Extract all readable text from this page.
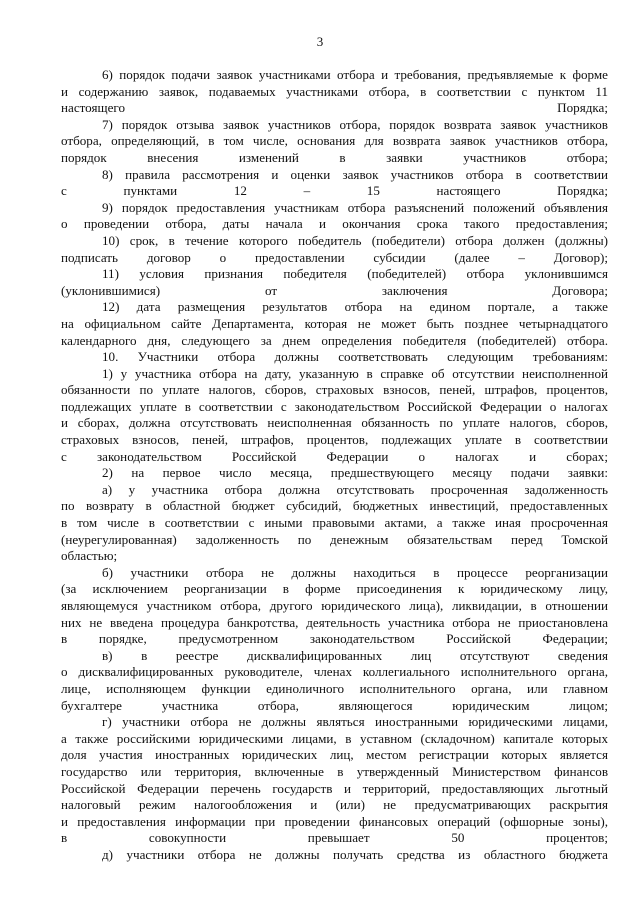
3

6) порядок подачи заявок участниками отбора и требования, предъявляемые к форме
и содержанию заявок, подаваемых участниками отбора, в соответствии с пунктом 11
настоящего Порядка;

7) порядок отзыва заявок участников отбора, порядок возврата заявок участников
отбора, определяющий, в том числе, основания для возврата заявок участников отбора,
порядок внесения изменений в заявки участников отбора;

8) правила рассмотрения и оценки заявок участников отбора в соответствии
с пунктами 12 – 15 настоящего Порядка;

9) порядок предоставления участникам отбора разъяснений положений объявления
о проведении отбора, даты начала и окончания срока такого предоставления;

10) срок, в течение которого победитель (победители) отбора должен (должны)
подписать договор о предоставлении субсидии (далее – Договор);

11) условия признания победителя (победителей) отбора уклонившимся
(уклонившимися) от заключения Договора;

12) дата размещения результатов отбора на едином портале, а также
на официальном сайте Департамента, которая не может быть позднее четырнадцатого
календарного дня, следующего за днем определения победителя (победителей) отбора.

10. Участники отбора должны соответствовать следующим требованиям:

1) у участника отбора на дату, указанную в справке об отсутствии неисполненной
обязанности по уплате налогов, сборов, страховых взносов, пеней, штрафов, процентов,
подлежащих уплате в соответствии с законодательством Российской Федерации о налогах
и сборах, должна отсутствовать неисполненная обязанность по уплате налогов, сборов,
страховых взносов, пеней, штрафов, процентов, подлежащих уплате в соответствии
с законодательством Российской Федерации о налогах и сборах;

2) на первое число месяца, предшествующего месяцу подачи заявки:

а) у участника отбора должна отсутствовать просроченная задолженность
по возврату в областной бюджет субсидий, бюджетных инвестиций, предоставленных
в том числе в соответствии с иными правовыми актами, а также иная просроченная
(неурегулированная) задолженность по денежным обязательствам перед Томской
областью;

б) участники отбора не должны находиться в процессе реорганизации
(за исключением реорганизации в форме присоединения к юридическому лицу,
являющемуся участником отбора, другого юридического лица), ликвидации, в отношении
них не введена процедура банкротства, деятельность участника отбора не приостановлена
в порядке, предусмотренном законодательством Российской Федерации;

в) в реестре дисквалифицированных лиц отсутствуют сведения
о дисквалифицированных руководителе, членах коллегиального исполнительного органа,
лице, исполняющем функции единоличного исполнительного органа, или главном
бухгалтере участника отбора, являющегося юридическим лицом;

г) участники отбора не должны являться иностранными юридическими лицами,
а также российскими юридическими лицами, в уставном (складочном) капитале которых
доля участия иностранных юридических лиц, местом регистрации которых является
государство или территория, включенные в утвержденный Министерством финансов
Российской Федерации перечень государств и территорий, предоставляющих льготный
налоговый режим налогообложения и (или) не предусматривающих раскрытия
и предоставления информации при проведении финансовых операций (офшорные зоны),
в совокупности превышает 50 процентов;

д) участники отбора не должны получать средства из областного бюджета
